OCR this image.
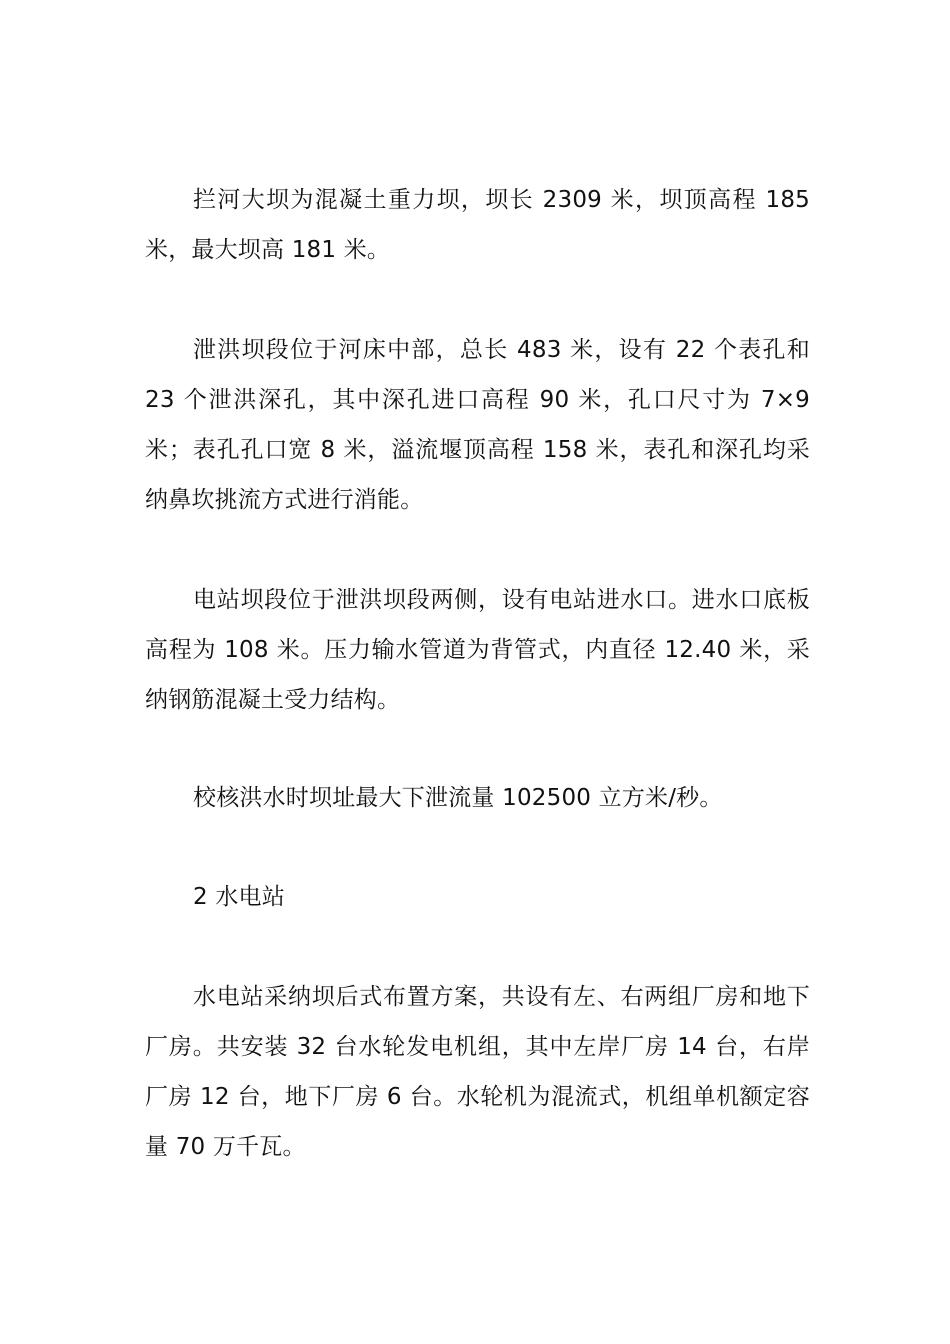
拦河大坝为混凝土重力坝，坝长 2309 米，坝顶高程 185 米，最大坝高 181 米。

泄洪坝段位于河床中部，总长 483 米，设有 22 个表孔和 23 个泄洪深孔，其中深孔进口高程 90 米，孔口尺寸为 7×9 米；表孔孔口宽 8 米，溢流堰顶高程 158 米，表孔和深孔均采纳鼻坎挑流方式进行消能。

电站坝段位于泄洪坝段两侧，设有电站进水口。进水口底板高程为 108 米。压力输水管道为背管式，内直径 12.40 米，采纳钢筋混凝土受力结构。

校核洪水时坝址最大下泄流量 102500 立方米/秒。

2 水电站

水电站采纳坝后式布置方案，共设有左、右两组厂房和地下厂房。共安装 32 台水轮发电机组，其中左岸厂房 14 台，右岸厂房 12 台，地下厂房 6 台。水轮机为混流式，机组单机额定容量 70 万千瓦。
